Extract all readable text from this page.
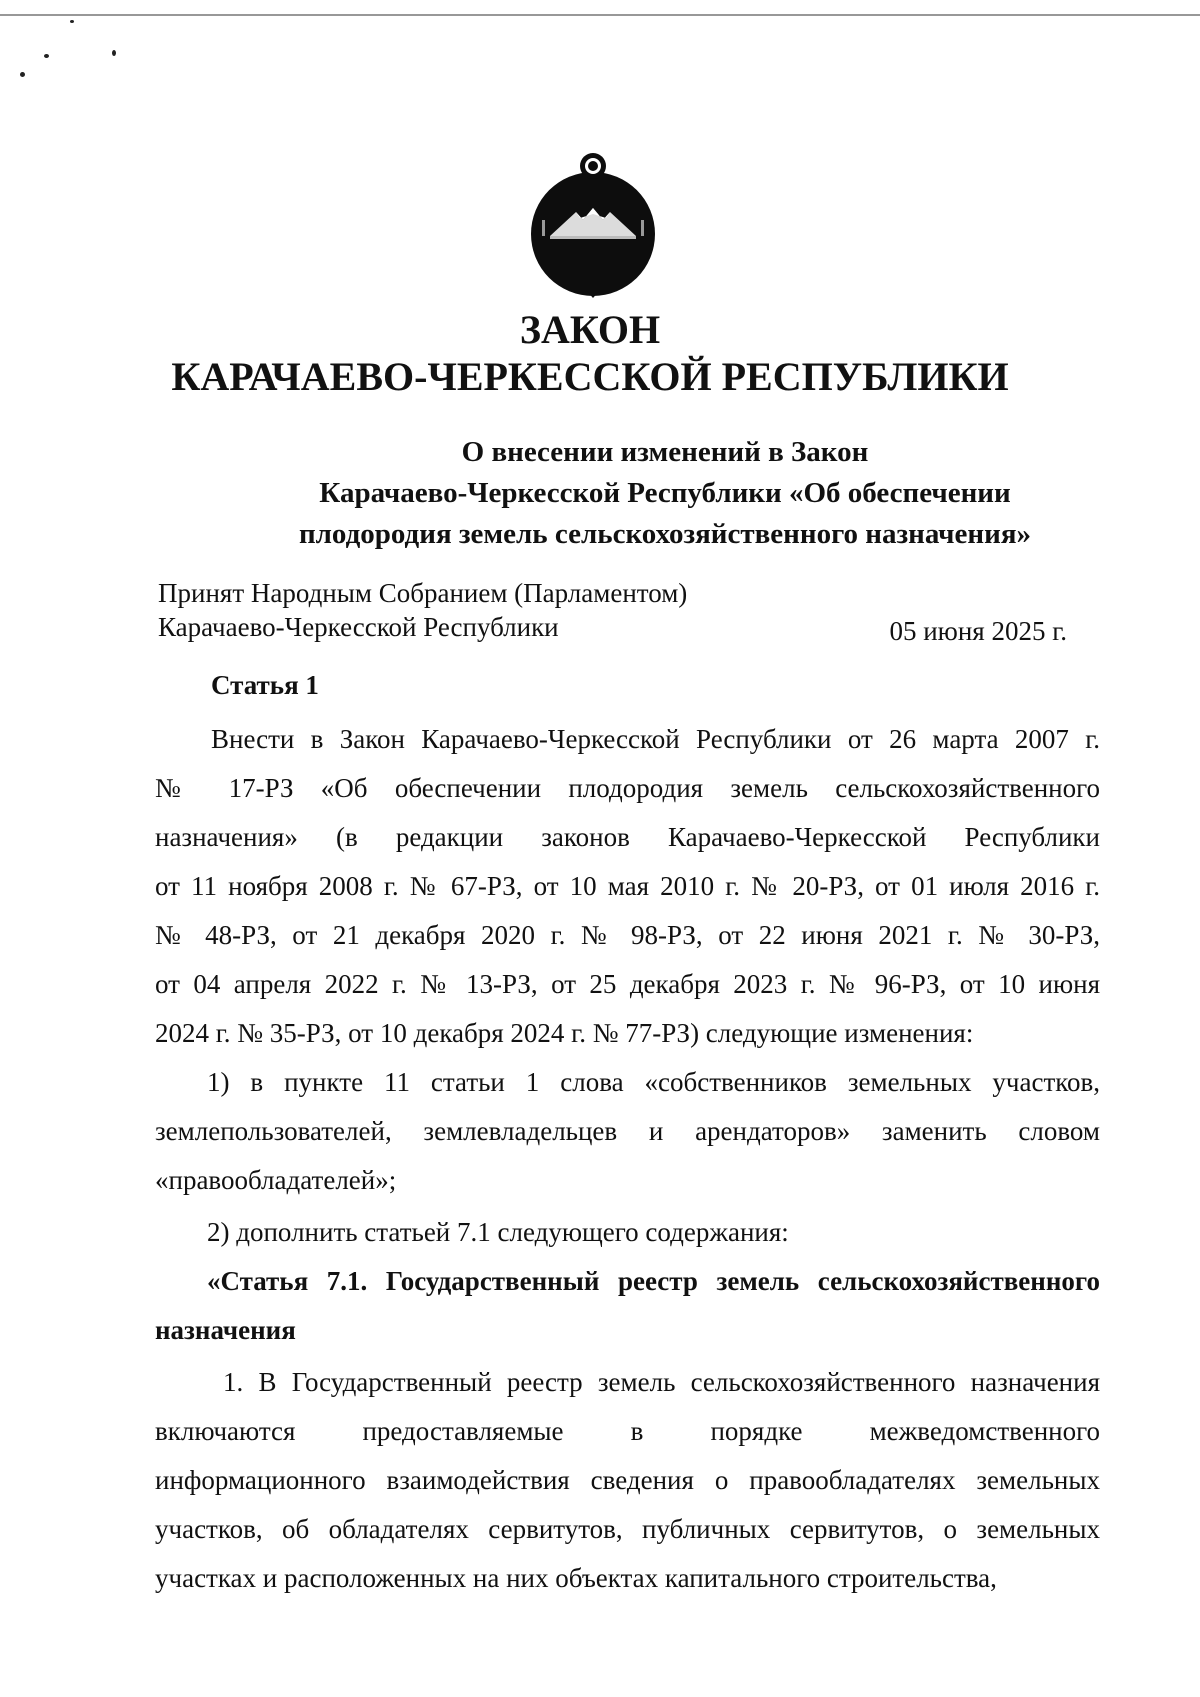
ЗАКОН
КАРАЧАЕВО-ЧЕРКЕССКОЙ РЕСПУБЛИКИ
О внесении изменений в Закон
Карачаево-Черкесской Республики «Об обеспечении
плодородия земель сельскохозяйственного назначения»
Принят Народным Собранием (Парламентом)
Карачаево-Черкесской Республики	05 июня 2025 г.
Статья 1
Внести в Закон Карачаево-Черкесской Республики от 26 марта 2007 г.
№ 17-РЗ «Об обеспечении плодородия земель сельскохозяйственного
назначения» (в редакции законов Карачаево-Черкесской Республики
от 11 ноября 2008 г. № 67-РЗ, от 10 мая 2010 г. № 20-РЗ, от 01 июля 2016 г.
№ 48-РЗ, от 21 декабря 2020 г. № 98-РЗ, от 22 июня 2021 г. № 30-РЗ,
от 04 апреля 2022 г. № 13-РЗ, от 25 декабря 2023 г. № 96-РЗ, от 10 июня
2024 г. № 35-РЗ, от 10 декабря 2024 г. № 77-РЗ) следующие изменения:
1) в пункте 11 статьи 1 слова «собственников земельных участков,
землепользователей, землевладельцев и арендаторов» заменить словом
«правообладателей»;
2) дополнить статьей 7.1 следующего содержания:
«Статья 7.1. Государственный реестр земель сельскохозяйственного
назначения
1. В Государственный реестр земель сельскохозяйственного назначения
включаются предоставляемые в порядке межведомственного
информационного взаимодействия сведения о правообладателях земельных
участков, об обладателях сервитутов, публичных сервитутов, о земельных
участках и расположенных на них объектах капитального строительства,
